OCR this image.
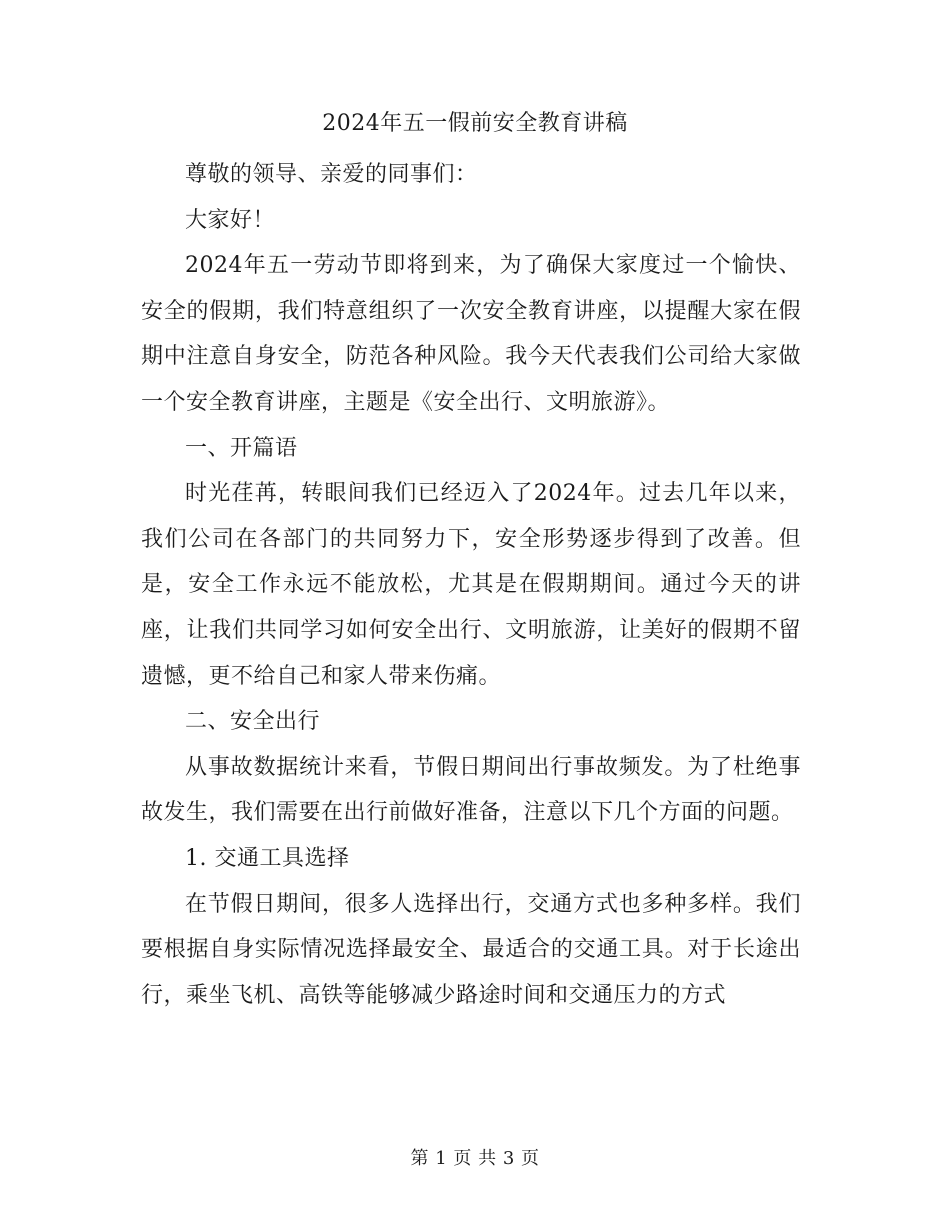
2024年五一假前安全教育讲稿

尊敬的领导、亲爱的同事们：

大家好！

2024年五一劳动节即将到来，为了确保大家度过一个愉快、安全的假期，我们特意组织了一次安全教育讲座，以提醒大家在假期中注意自身安全，防范各种风险。我今天代表我们公司给大家做一个安全教育讲座，主题是《安全出行、文明旅游》。

一、开篇语

时光荏苒，转眼间我们已经迈入了2024年。过去几年以来，我们公司在各部门的共同努力下，安全形势逐步得到了改善。但是，安全工作永远不能放松，尤其是在假期期间。通过今天的讲座，让我们共同学习如何安全出行、文明旅游，让美好的假期不留遗憾，更不给自己和家人带来伤痛。

二、安全出行

从事故数据统计来看，节假日期间出行事故频发。为了杜绝事故发生，我们需要在出行前做好准备，注意以下几个方面的问题。

1. 交通工具选择

在节假日期间，很多人选择出行，交通方式也多种多样。我们要根据自身实际情况选择最安全、最适合的交通工具。对于长途出行，乘坐飞机、高铁等能够减少路途时间和交通压力的方式

第 1 页 共 3 页
